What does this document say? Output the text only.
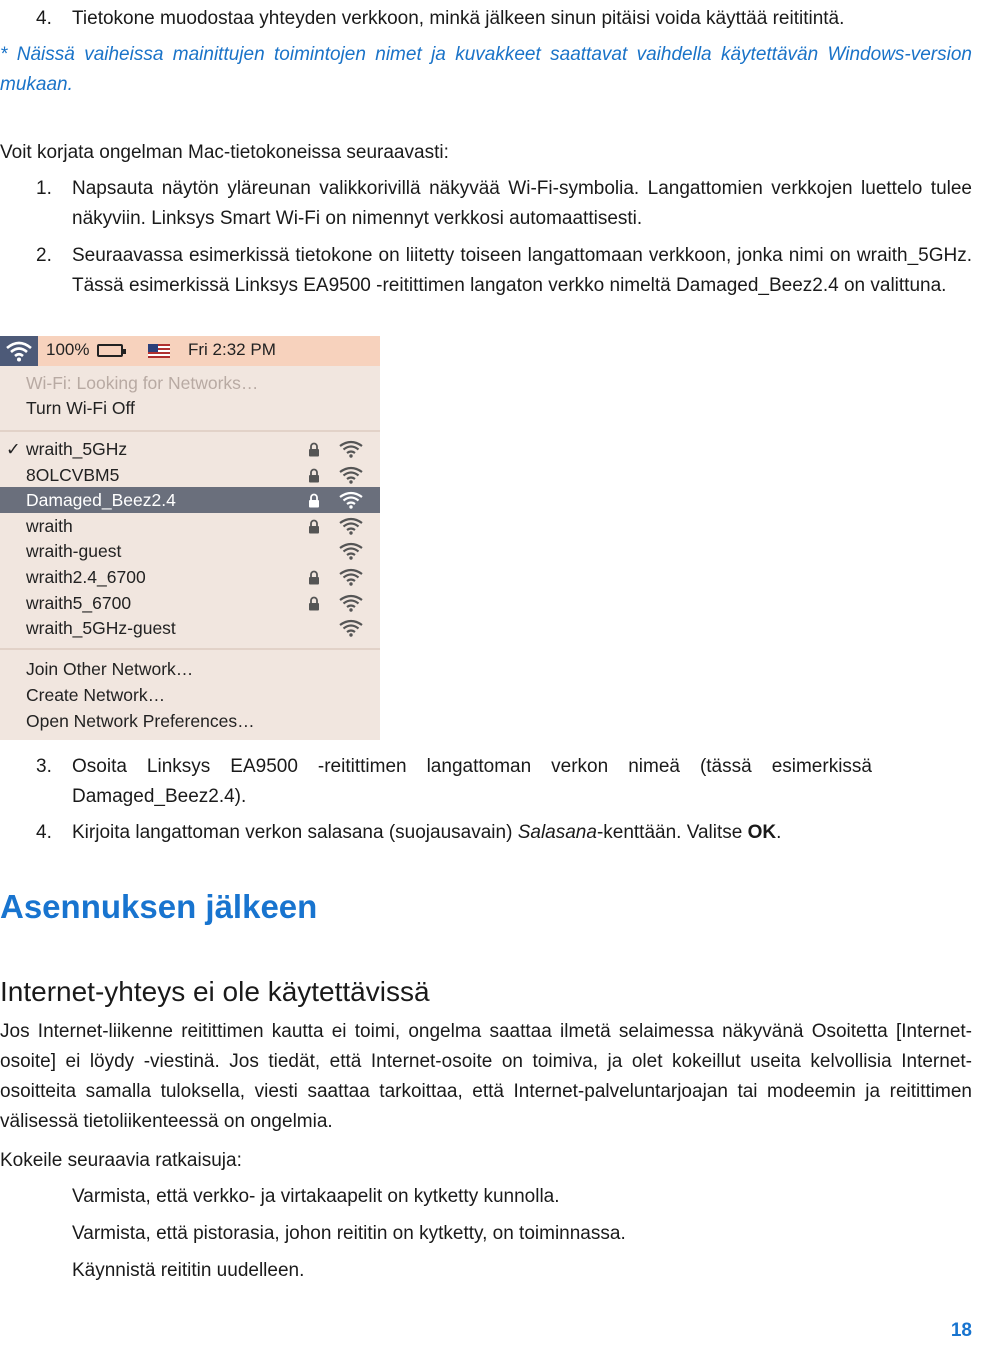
4.	Tietokone muodostaa yhteyden verkkoon, minkä jälkeen sinun pitäisi voida käyttää reititintä.

* Näissä vaiheissa mainittujen toimintojen nimet ja kuvakkeet saattavat vaihdella käytettävän Windows-version mukaan.

Voit korjata ongelman Mac-tietokoneissa seuraavasti:

1.	Napsauta näytön yläreunan valikkorivillä näkyvää Wi-Fi-symbolia. Langattomien verkkojen luettelo tulee näkyviin. Linksys Smart Wi-Fi on nimennyt verkkosi automaattisesti.
2.	Seuraavassa esimerkissä tietokone on liitetty toiseen langattomaan verkkoon, jonka nimi on wraith_5GHz. Tässä esimerkissä Linksys EA9500 -reitittimen langaton verkko nimeltä Damaged_Beez2.4 on valittuna.
100%	Fri 2:32 PM
Wi-Fi: Looking for Networks…
Turn Wi-Fi Off
✓ wraith_5GHz
8OLCVBM5
Damaged_Beez2.4
wraith
wraith-guest
wraith2.4_6700
wraith5_6700
wraith_5GHz-guest
Join Other Network…
Create Network…
Open Network Preferences…
3.	Osoita Linksys EA9500 -reitittimen langattoman verkon nimeä (tässä esimerkissä Damaged_Beez2.4).
4.	Kirjoita langattoman verkon salasana (suojausavain) Salasana-kenttään. Valitse OK.
Asennuksen jälkeen
Internet-yhteys ei ole käytettävissä

Jos Internet-liikenne reitittimen kautta ei toimi, ongelma saattaa ilmetä selaimessa näkyvänä Osoitetta [Internet-osoite] ei löydy -viestinä. Jos tiedät, että Internet-osoite on toimiva, ja olet kokeillut useita kelvollisia Internet-osoitteita samalla tuloksella, viesti saattaa tarkoittaa, että Internet-palveluntarjoajan tai modeemin ja reitittimen välisessä tietoliikenteessä on ongelmia.

Kokeile seuraavia ratkaisuja:

Varmista, että verkko- ja virtakaapelit on kytketty kunnolla.
Varmista, että pistorasia, johon reititin on kytketty, on toiminnassa.
Käynnistä reititin uudelleen.
18
